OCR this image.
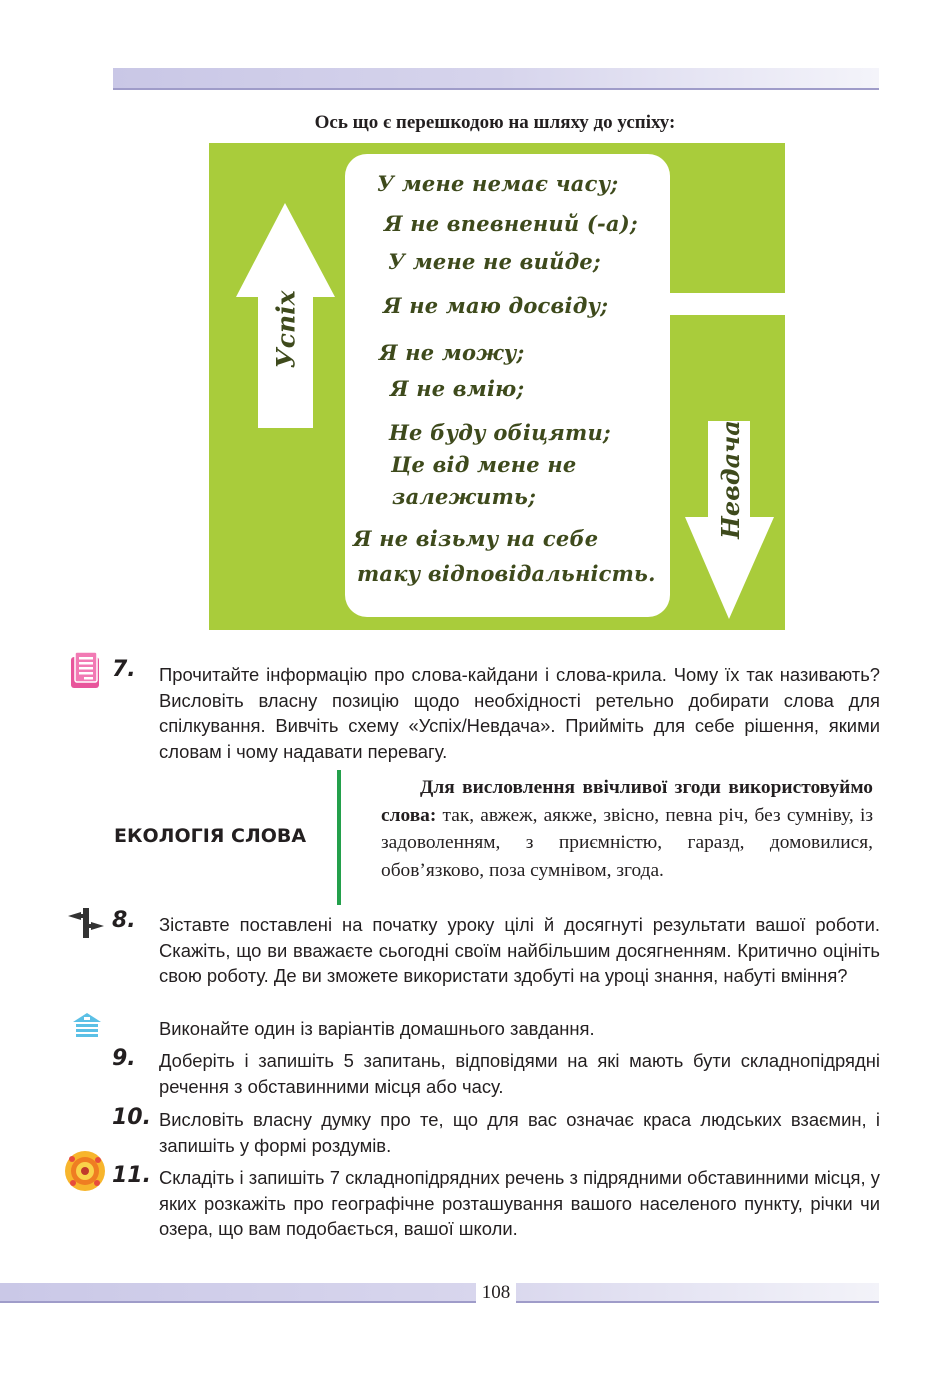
Ось що є перешкодою на шляху до успіху:
Успіх
Невдача
У мене немає часу;
Я не впевнений (-а);
У мене не вийде;
Я не маю досвіду;
Я не можу;
Я не вмію;
Не буду обіцяти;
Це від мене не
залежить;
Я не візьму на себе
таку відповідальність.
7. Прочитайте інформацію про слова-кайдани і слова-крила. Чому їх так називають? Висловіть власну позицію щодо необхідності ретельно добирати слова для спілкування. Вивчіть схему «Успіх/Невдача». Прийміть для себе рішення, якими словам і чому надавати перевагу.
ЕКОЛОГІЯ СЛОВА
Для висловлення ввічливої згоди використовуймо слова: так, авжеж, аякже, звісно, певна річ, без сумніву, із задоволенням, з приємністю, гаразд, домовилися, обов’язково, поза сумнівом, згода.
8. Зіставте поставлені на початку уроку цілі й досягнуті результати вашої роботи. Скажіть, що ви вважаєте сьогодні своїм найбільшим досягненням. Критично оцініть свою роботу. Де ви зможете використати здобуті на уроці знання, набуті вміння?
Виконайте один із варіантів домашнього завдання.
9. Доберіть і запишіть 5 запитань, відповідями на які мають бути складнопідрядні речення з обставинними місця або часу.
10. Висловіть власну думку про те, що для вас означає краса людських взаємин, і запишіть у формі роздумів.
11. Складіть і запишіть 7 складнопідрядних речень з підрядними обставинними місця, у яких розкажіть про географічне розташування вашого населеного пункту, річки чи озера, що вам подобається, вашої школи.
108
